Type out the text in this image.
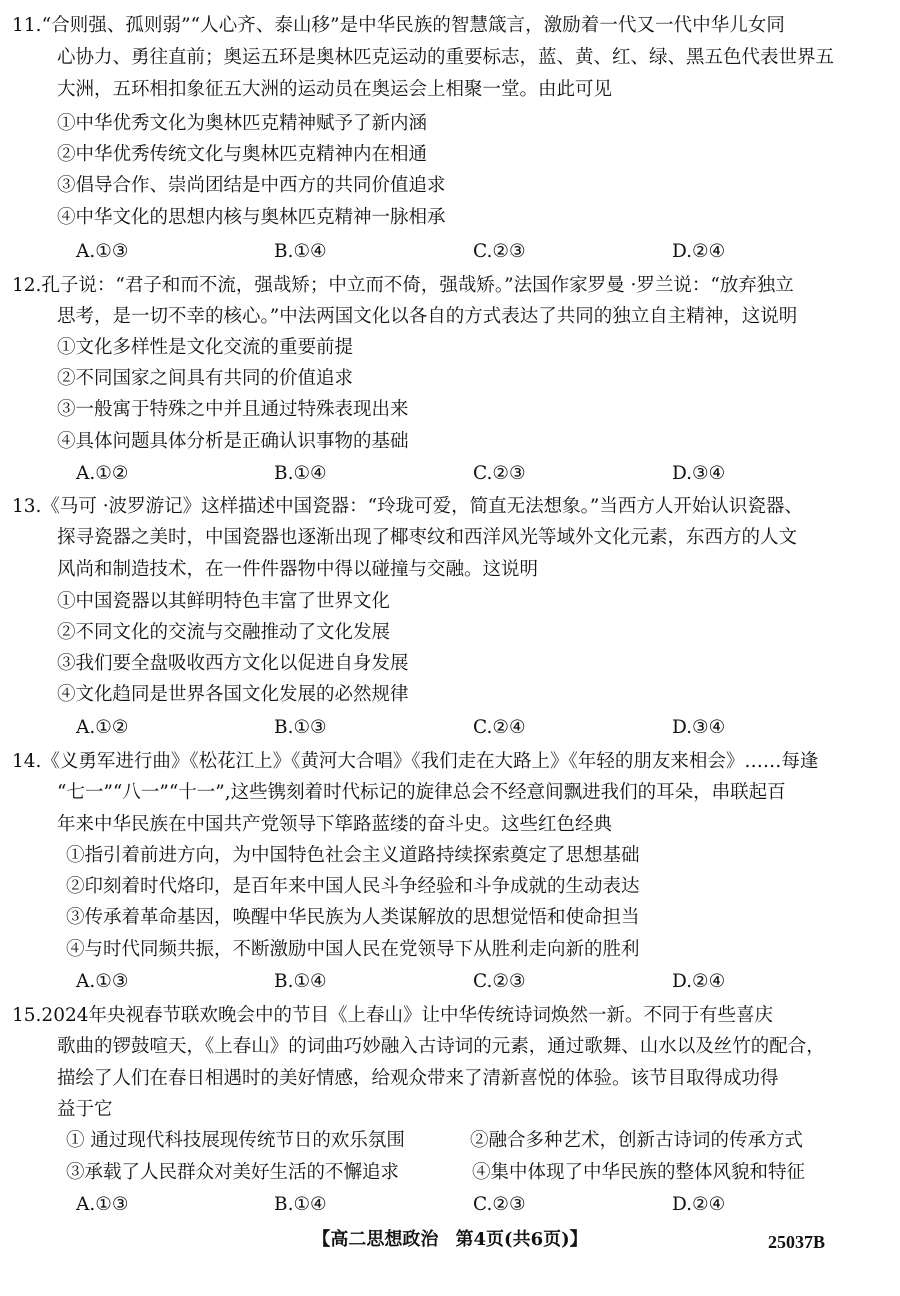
11.“合则强、孤则弱”“人心齐、泰山移”是中华民族的智慧箴言，激励着一代又一代中华儿女同
心协力、勇往直前；奥运五环是奥林匹克运动的重要标志，蓝、黄、红、绿、黑五色代表世界五
大洲，五环相扣象征五大洲的运动员在奥运会上相聚一堂。由此可见
①中华优秀文化为奥林匹克精神赋予了新内涵
②中华优秀传统文化与奥林匹克精神内在相通
③倡导合作、崇尚团结是中西方的共同价值追求
④中华文化的思想内核与奥林匹克精神一脉相承
A.①③	B.①④	C.②③	D.②④
12.孔子说：“君子和而不流，强哉矫；中立而不倚，强哉矫。”法国作家罗曼 ·罗兰说：“放弃独立
思考，是一切不幸的核心。”中法两国文化以各自的方式表达了共同的独立自主精神，这说明
①文化多样性是文化交流的重要前提
②不同国家之间具有共同的价值追求
③一般寓于特殊之中并且通过特殊表现出来
④具体问题具体分析是正确认识事物的基础
A.①②	B.①④	C.②③	D.③④
13.《马可 ·波罗游记》这样描述中国瓷器：“玲珑可爱，简直无法想象。”当西方人开始认识瓷器、
探寻瓷器之美时，中国瓷器也逐渐出现了椰枣纹和西洋风光等域外文化元素，东西方的人文
风尚和制造技术，在一件件器物中得以碰撞与交融。这说明
①中国瓷器以其鲜明特色丰富了世界文化
②不同文化的交流与交融推动了文化发展
③我们要全盘吸收西方文化以促进自身发展
④文化趋同是世界各国文化发展的必然规律
A.①②	B.①③	C.②④	D.③④
14.《义勇军进行曲》《松花江上》《黄河大合唱》《我们走在大路上》《年轻的朋友来相会》……每逢
“七一”“八一”“十一”,这些镌刻着时代标记的旋律总会不经意间飘进我们的耳朵，串联起百
年来中华民族在中国共产党领导下筚路蓝缕的奋斗史。这些红色经典
①指引着前进方向，为中国特色社会主义道路持续探索奠定了思想基础
②印刻着时代烙印，是百年来中国人民斗争经验和斗争成就的生动表达
③传承着革命基因，唤醒中华民族为人类谋解放的思想觉悟和使命担当
④与时代同频共振，不断激励中国人民在党领导下从胜利走向新的胜利
A.①③	B.①④	C.②③	D.②④
15.2024年央视春节联欢晚会中的节目《上春山》让中华传统诗词焕然一新。不同于有些喜庆
歌曲的锣鼓喧天，《上春山》的词曲巧妙融入古诗词的元素，通过歌舞、山水以及丝竹的配合，
描绘了人们在春日相遇时的美好情感，给观众带来了清新喜悦的体验。该节目取得成功得
益于它
① 通过现代科技展现传统节日的欢乐氛围	②融合多种艺术，创新古诗词的传承方式
③承载了人民群众对美好生活的不懈追求	④集中体现了中华民族的整体风貌和特征
A.①③	B.①④	C.②③	D.②④
【高二思想政治 第4页(共6页)】	25037B
